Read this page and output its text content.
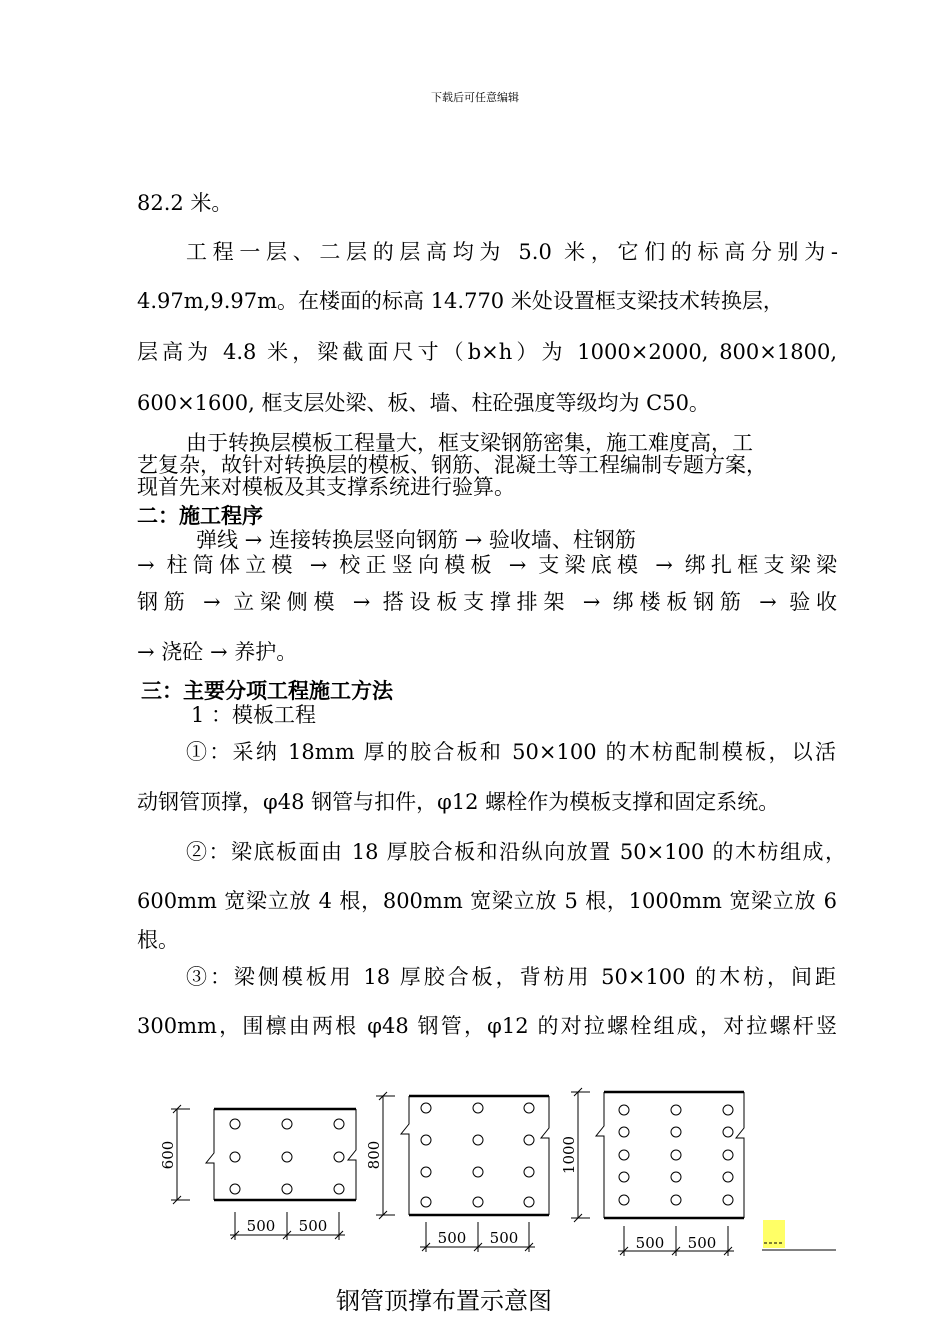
下载后可任意编辑
82.2 米。
工程一层、二层的层高均为 5.0 米，它们的标高分别为-
4.97m,9.97m。在楼面的标高 14.770 米处设置框支梁技术转换层，
层高为 4.8 米，梁截面尺寸（b×h）为 1000×2000, 800×1800,
600×1600, 框支层处梁、板、墙、柱砼强度等级均为 C50。
由于转换层模板工程量大，框支梁钢筋密集，施工难度高，工
艺复杂，故针对转换层的模板、钢筋、混凝土等工程编制专题方案，
现首先来对模板及其支撑系统进行验算。
二：施工程序
弹线 → 连接转换层竖向钢筋 → 验收墙、柱钢筋
→ 柱筒体立模 → 校正竖向模板 → 支梁底模 → 绑扎框支梁梁
钢筋 → 立梁侧模 → 搭设板支撑排架 → 绑楼板钢筋 → 验收
→ 浇砼 → 养护。
三：主要分项工程施工方法
1 ：模板工程
①：采纳 18mm 厚的胶合板和 50×100 的木枋配制模板，以活
动钢管顶撑，φ48 钢管与扣件，φ12 螺栓作为模板支撑和固定系统。
②：梁底板面由 18 厚胶合板和沿纵向放置 50×100 的木枋组成，
600mm 宽梁立放 4 根，800mm 宽梁立放 5 根，1000mm 宽梁立放 6
根。
③：梁侧模板用 18 厚胶合板，背枋用 50×100 的木枋，间距
300mm，围檩由两根 φ48 钢管，φ12 的对拉螺栓组成，对拉螺杆竖
600
500 500
800
500 500
1000
500 500
钢管顶撑布置示意图
